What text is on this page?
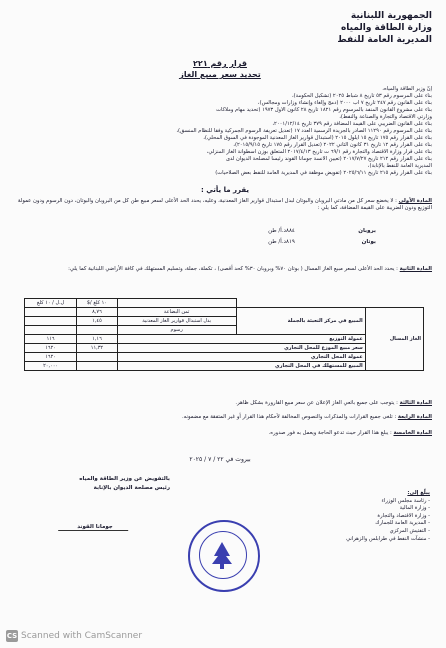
الجمهورية اللبنانية
وزارة الطاقة والمياه
المديرية العامة للنفط
قرار رقم ٢٢١
تحديد سعر مبيع الغاز
إنَّ وزير الطاقة والمياه،
بناء على المرسوم رقم ٥٣ تاريخ ٨ شباط ٢٠٢٥ (تشكيل الحكومة)،
بناء على القانون رقم ٢٤٧ تاريخ ٧ آب ٢٠٠٠ (دمج وإلغاء وإنشاء وزارات ومجالس)،
بناء على مشروع القانون المنفذ بالمرسوم رقم ١٨٢١ تاريخ ٢٨ كانون الأول ١٩٧٣ (تحديد مهام وملاكات
وزارتي الاقتصاد والتجارة والصناعة والنفط)،
بناء على القانون الضريبي على القيمة المضافة رقم ٣٧٩ تاريخ ٢٠٠١/١٢/١٤،
بناء على المرسوم رقم ١١٢٩٠ الصادر بالجريدة الرسمية العدد ١٧ (تعديل تعريفة الرسوم الجمركية وفقاً للنظام المنسق)،
بناء على القرار رقم ١٧٥ تاريخ ١٥ أيلول ٢٠١٥ (استبدال قوارير الغاز المعدنية الموجودة في السوق المحلي)،
بناء على القرار رقم ١٢ تاريخ ٣١ كانون الثاني ٢٠٢٢ (تعديل القرار رقم ١٧٥ تاريخ ٢٠١٥/٩/١٥)،
بناء على قرار وزارة الاقتصاد والتجارة رقم ٦٩/١ ت تاريخ ٢٠١٧/٤/١٣ المتعلق بوزن اسطوانة الغاز المنزلي،
بناء على القرار رقم ٢١٢ تاريخ ٢٠١٧/٧/٢٧ (تعيين الآنسة جومانا القوند رئيساً لمصلحة الديوان لدى
المديرية العامة للنفط بالإنابة)،
بناء على القرار رقم ٢١٥ تاريخ ٢٠٢٥/٦/١١ (تفويض موظفة في المديرية العامة للنفط بعض الصلاحيات)
يقرر ما يأتي :
المادة الأولى : لا يخضع سعر كل من مادتي البروبان والبوتان لبدل استبدال قوارير الغاز المعدنية، وعليه، يحدد الحد الأعلى لسعر مبيع طن كل من البروبان والبوتان، دون الرسوم ودون عمولة التوزيع ودون الضريبة على القيمة المضافة، كما يلي :
بروبان
٨٨٤
د.أ/ طن
بوتان
٨١٩
د.أ/ طن
المادة الثانية : يحدد الحد الأعلى لسعر مبيع الغاز المسال ( بوتان ٧٠% وبروبان ٣٠% كحد أقصى) ، تكملة، جملة، وتسليم المستهلك في كافة الأراضي اللبنانية كما يلي:
			$/ ١٠ كلغ	ل.ل / ١٠ كلغ
الغاز المسال	المبيع في مركز التعبئة بالجملة	ثمن البضاعة	٨,٧٦	
		بدل استبدال قوارير الغاز المعدنية	١,٤٥	
		رسوم		
	عمولة التوزيع		١,١٦	١١٦
	سعر مبيع الموزع للمحل التجاري		١١,٣٢	١٦٢٠
	عمولة المحل التجاري			١٦٢٠
	المبيع للمستهلك في المحل التجاري			٢٠,٠٠٠
المادة الثالثة : يتوجب على جميع بائعي الغاز الإعلان عن سعر مبيع القارورة بشكل ظاهر.
المادة الرابعة : تلغى جميع القرارات والمذكرات والنصوص المخالفة لأحكام هذا القرار أو غير المتفقة مع مضمونه.
المادة الخامسة : يبلغ هذا القرار حيث تدعو الحاجة ويعمل به فور صدوره.
بيروت في ٢٢ / ٧ / ٢٠٢٥
بالتفويض عن وزير الطاقة والمياه
رئيس مصلحة الديوان بالإنابة
جومانا القوند
يبلّغ إلى:
- رئاسة مجلس الوزراء
- وزارة المالية
- وزارة الاقتصاد والتجارة
- المديرية العامة للجمارك
- التفتيش المركزي
- منشآت النفط في طرابلس والزهراني
CS Scanned with CamScanner
